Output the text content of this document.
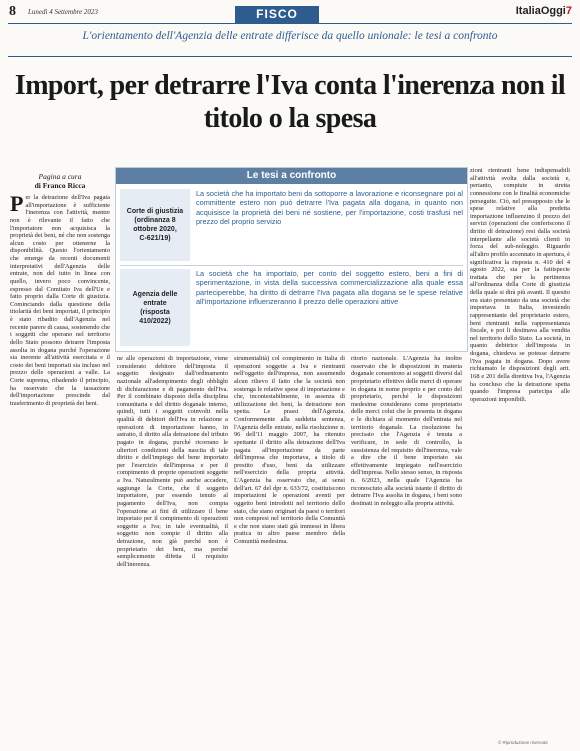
8 Lunedì 4 Settembre 2023	FISCO	ItaliaOggi7
L'orientamento dell'Agenzia delle entrate differisce da quello unionale: le tesi a confronto
Import, per detrarre l'Iva conta l'inerenza non il titolo o la spesa
Pagina a cura
di Franco Ricca
P er la detrazione dell'Iva pagata all'importazione è sufficiente l'inerenza con l'attività, mentre non è rilevante il fatto che l'importatore non acquisisca la proprietà dei beni, né che non sostenga alcun costo per ottenerne la disponibilità. Questo l'orientamento che emerge da recenti documenti interpretativi dell'Agenzia delle entrate, non del tutto in linea con quello, invero poco convincente, espresso dal Comitato Iva dell'Ue e fatto proprio dalla Corte di giustizia. Cominciando dalla questione della titolarità dei beni importati, il principio è stato ribadito dall'Agenzia nel recente parere di causa, sostenendo che i soggetti che operano nel territorio dello Stato possono detrarre l'imposta assolta in dogana purché l'operazione sia inerente all'attività esercitata e il costo dei beni importati sia incluso nel prezzo delle operazioni a valle. La Corte suprema, ribadendo il principio, ha osservato che la tassazione dell'importazione prescinde dal trasferimento di proprietà dei beni.
Le tesi a confronto
Corte di giustizia
(ordinanza 8
ottobre 2020,
C-621/19)
La società che ha importato beni da sottoporre a lavorazione e riconsegnare poi al committente estero non può detrarre l'Iva pagata alla dogana, in quanto non acquisisce la proprietà dei beni né sostiene, per l'importazione, costi trasfusi nel prezzo del proprio servizio
Agenzia delle
entrate
(risposta
410/2022)
La società che ha importato, per conto del soggetto estero, beni a fini di sperimentazione, in vista della successiva commercializzazione alla quale essa parteciperebbe, ha diritto di detrarre l'Iva pagata alla dogana se le spese relative all'importazione influenzeranno il prezzo delle operazioni attive
ne alle operazioni di importazione, viene considerato debitore dell'imposta il soggetto designato dall'ordinamento nazionale all'adempimento degli obblighi di dichiarazione e di pagamento dell'Iva. Per il combinato disposto della disciplina comunitaria e del diritto doganale interno, quindi, tutti i soggetti coinvolti nella qualità di debitori dell'Iva in relazione a operazioni di importazione hanno, in astratto, il diritto alla detrazione del tributo pagato in dogana, purché ricorrano le ulteriori condizioni della nascita di tale diritto e dell'impiego del bene importato per l'esercizio dell'impresa e per il compimento di proprie operazioni soggette a Iva. Naturalmente può anche accadere, aggiunge la Corte, che il soggetto importatore, pur essendo tenuto al pagamento dell'Iva, non compia l'operazione ai fini di utilizzare il bene importato per il compimento di operazioni soggette a Iva; in tale eventualità, il soggetto non compie il diritto alla detrazione, non già perché non è proprietario dei beni, ma perché semplicemente difetta il requisito dell'inerenza.
strumentalità) col compimento in Italia di operazioni soggette a Iva e rientranti nell'oggetto dell'impresa, non assumendo alcun rilievo il fatto che la società non sostenga le relative spese di importazione e che, incontestabilmente, in assenza di utilizzazione dei beni, la detrazione non spetta. Le prassi dell'Agenzia. Conformemente alla suddetta sentenza, l'Agenzia delle entrate, nella risoluzione n. 96 dell'11 maggio 2007, ha ritenuto spettante il diritto alla detrazione dell'Iva pagata all'importazione da parte dell'impresa che importava, a titolo di prestito d'uso, beni da utilizzare nell'esercizio della propria attività. L'Agenzia ha osservato che, ai sensi dell'art. 67 del dpr n. 633/72, costituiscono importazioni le operazioni aventi per oggetto beni introdotti nel territorio dello stato, che siano originari da paesi o territori non compresi nel territorio della Comunità e che non siano stati già immessi in libera pratica in altro paese membro della Comunità medesima.
ritorio nazionale. L'Agenzia ha inoltre osservato che le disposizioni in materia doganale consentono ai soggetti diversi dal proprietario effettivo delle merci di operare in dogana in nome proprio e per conto del proprietario, perché le disposizioni medesime considerano come proprietario delle merci colui che le presenta in dogana e le dichiara al momento dell'entrata nel territorio doganale. La risoluzione ha precisato che l'Agenzia è tenuta a verificare, in sede di controllo, la sussistenza del requisito dell'inerenza, vale a dire che il bene importato sia effettivamente impiegato nell'esercizio dell'impresa. Nello stesso senso, in risposta n. 6/2023, nella quale l'Agenzia ha riconosciuto alla società istante il diritto di detrarre l'Iva assolta in dogana, i beni sono destinati in noleggio alla propria attività.
zioni rientranti bene indispensabili all'attività svolta dalla società e, pertanto, compiute in stretta connessione con le finalità economiche perseguite. Ciò, nel presupposto che le spese relative alla predetta importazione influenzino il prezzo dei servizi (operazioni che conferiscono il diritto di detrazione) resi dalla società interpellante alle società clienti in forza del sub-noleggio. Riguardo all'altro profilo accennato in apertura, è significativa la risposta n. 410 del 4 agosto 2022, sia per la fattispecie trattata che per la pertinenza all'ordinanza della Corte di giustizia della quale si dirà più avanti. Il quesito era stato presentato da una società che importava in Italia, investendo rappresentante del proprietario estero, beni rientranti nella rappresentanza fiscale, e poi li destinava alla vendita nel territorio dello Stato. La società, in quanto debitrice dell'imposta in dogana, chiedeva se potesse detrarre l'Iva pagata in dogana. Dopo avere richiamato le disposizioni degli artt. 168 e 201 della direttiva Iva, l'Agenzia ha concluso che la detrazione spetta quando l'impresa partecipa alle operazioni imponibili.
© Riproduzione riservata
